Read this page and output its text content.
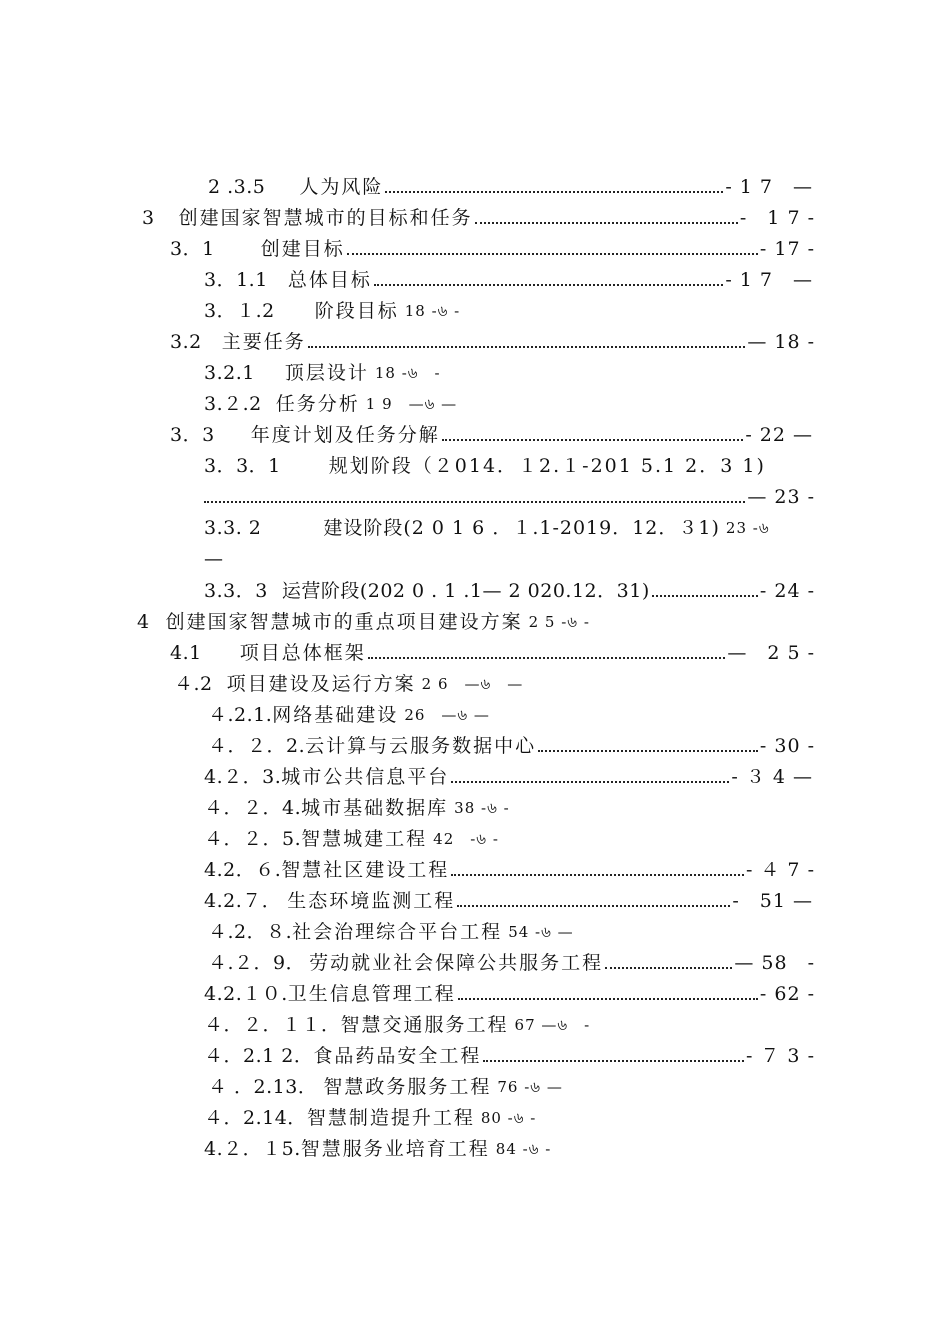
2 .3.5 人为风险	- 1 7　—
3 创建国家智慧城市的目标和任务	-　1 7 -
3．1 创建目标	- 17 -
3．1.1 总体目标	- 1 7　—
3．１.2 阶段目标 18 -৬ -
3.2 主要任务	— 18 -
3.2.1 顶层设计 18 -৬　-
3.２.2 任务分析 1 9　—৬ —
3．3 年度计划及任务分解	- 22 —
3．3．1	规划阶段（２014．１2.１-201 5.1 2．3 1)
— 23 -
3.3. 2	建设阶段(2 0 1 6 ．１.1-2019．12．３1) 23 -৬
—
3.3．3 运营阶段(202 0 . 1 .1— 2 020.12．31)	- 24 -
4 创建国家智慧城市的重点项目建设方案 2 5 -৬ -
4.1 项目总体框架	—　2 5 -
４.2 项目建设及运行方案 2 6　—৬　—
４.2.1. 网络基础建设 26　—৬ —
４．２．2. 云计算与云服务数据中心	- 30 -
4.２．3. 城市公共信息平台	- ３ 4 —
４．２．4. 城市基础数据库 38 -৬ -
４．２．5. 智慧城建工程 42　-৬ -
4.2．６. 智慧社区建设工程	- ４ 7 -
4.2.７． 生态环境监测工程	-　51 —
４.2．８. 社会治理综合平台工程 54 -৬ —
４.２．9． 劳动就业社会保障公共服务工程	— 58　-
4.2.１０. 卫生信息管理工程	- 62 -
４．２．１１． 智慧交通服务工程 67 —৬　-
４．2.1 2． 食品药品安全工程	- ７ 3 -
４ ．2.13． 智慧政务服务工程 76 -৬ —
４．2.14． 智慧制造提升工程 80 -৬ -
4.２．１5. 智慧服务业培育工程 84 -৬ -
